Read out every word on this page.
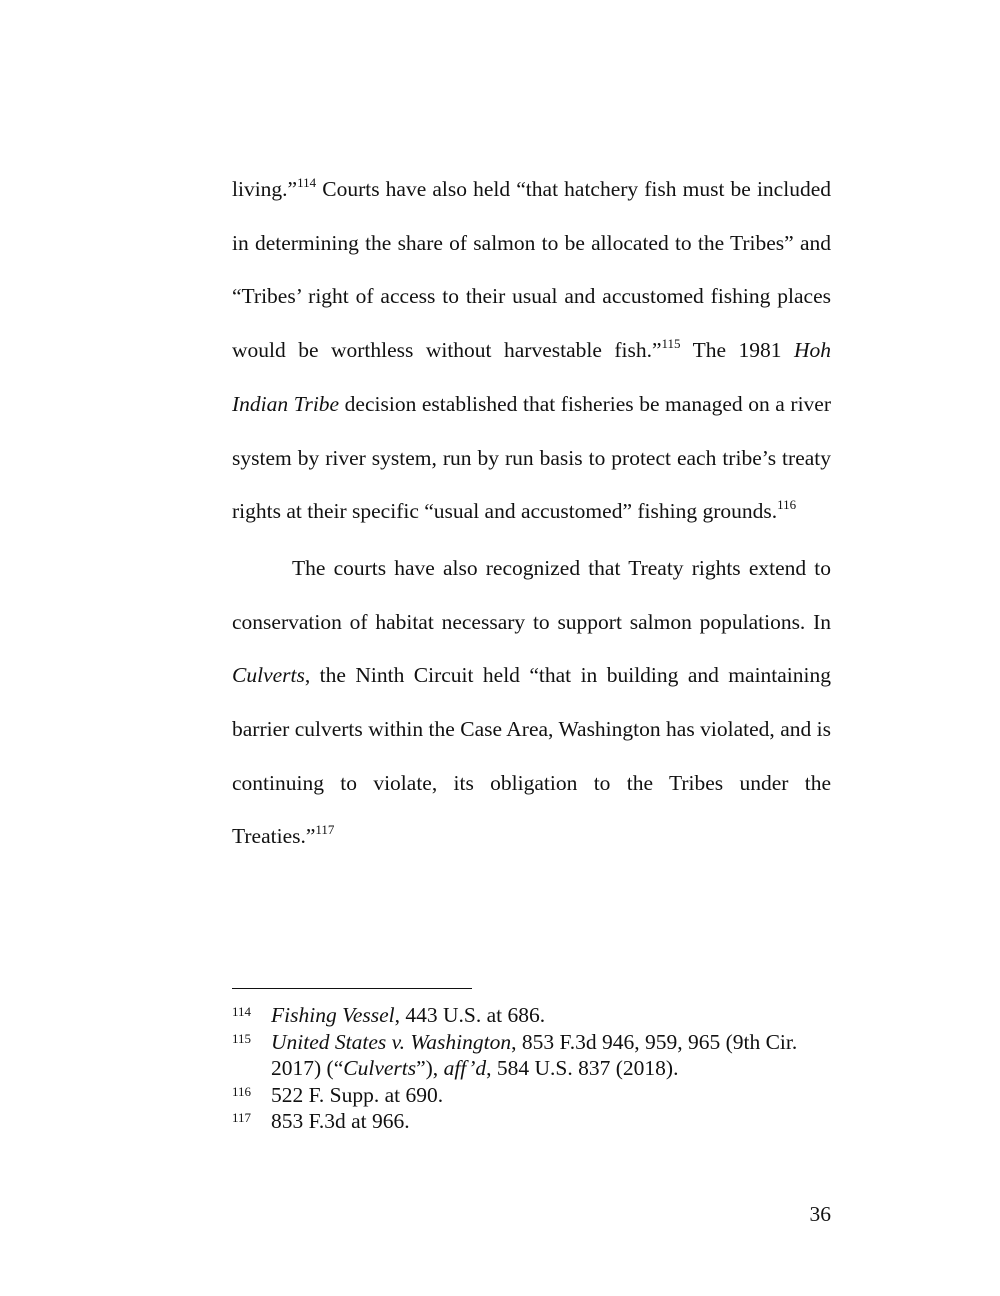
living.”$^{114}$ Courts have also held “that hatchery fish must be included in determining the share of salmon to be allocated to the Tribes” and “Tribes’ right of access to their usual and accustomed fishing places would be worthless without harvestable fish.”$^{115}$ The 1981 Hoh Indian Tribe decision established that fisheries be managed on a river system by river system, run by run basis to protect each tribe’s treaty rights at their specific “usual and accustomed” fishing grounds.$^{116}$

The courts have also recognized that Treaty rights extend to conservation of habitat necessary to support salmon populations. In Culverts, the Ninth Circuit held “that in building and maintaining barrier culverts within the Case Area, Washington has violated, and is continuing to violate, its obligation to the Tribes under the Treaties.”$^{117}$

114 Fishing Vessel, 443 U.S. at 686.
115 United States v. Washington, 853 F.3d 946, 959, 965 (9th Cir. 2017) (“Culverts”), aff’d, 584 U.S. 837 (2018).
116 522 F. Supp. at 690.
117 853 F.3d at 966.
36
